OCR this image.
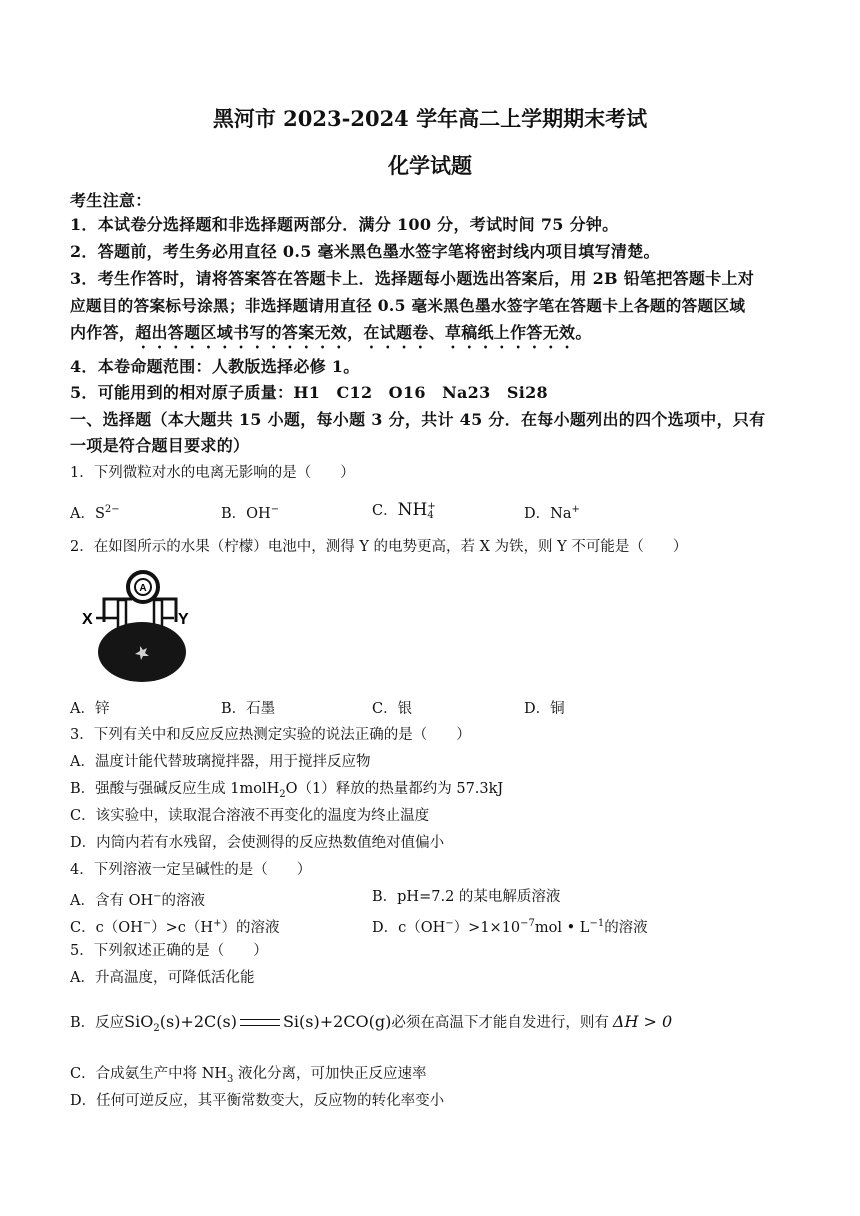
黑河市 2023-2024 学年高二上学期期末考试
化学试题
考生注意：
1．本试卷分选择题和非选择题两部分．满分 100 分，考试时间 75 分钟。
2．答题前，考生务必用直径 0.5 毫米黑色墨水签字笔将密封线内项目填写清楚。
3．考生作答时，请将答案答在答题卡上．选择题每小题选出答案后，用 2B 铅笔把答题卡上对
应题目的答案标号涂黑；非选择题请用直径 0.5 毫米黑色墨水签字笔在答题卡上各题的答题区域
内作答，超出答题区域书写的答案无效，在试题卷、草稿纸上作答无效。
4．本卷命题范围：人教版选择必修 1。
5．可能用到的相对原子质量：H1　C12　O16　Na23　Si28
一、选择题（本大题共 15 小题，每小题 3 分，共计 45 分．在每小题列出的四个选项中，只有
一项是符合题目要求的）
1．下列微粒对水的电离无影响的是（　　）
A．$S^{2-}$	B．OH−	C．NH +
4	D．Na+
2．在如图所示的水果（柠檬）电池中，测得 Y 的电势更高，若 X 为铁，则 Y 不可能是（　　）
A
X	Y
A．锌	B．石墨	C．银	D．铜
3．下列有关中和反应反应热测定实验的说法正确的是（　　）
A．温度计能代替玻璃搅拌器，用于搅拌反应物
B．强酸与强碱反应生成 1molH$_2$O（1）释放的热量都约为 57.3kJ
C．该实验中，读取混合溶液不再变化的温度为终止温度
D．内筒内若有水残留，会使测得的反应热数值绝对值偏小
4．下列溶液一定呈碱性的是（　　）
A．含有 OH−的溶液	B．pH=7.2 的某电解质溶液
C．c（OH−）>c（H+）的溶液	D．$c(OH^-)>1\times 10^{-7}mol$ • $L^{-1}$的溶液
5．下列叙述正确的是（　　）
A．升高温度，可降低活化能
B．反应SiO$_2$(s)+2C(s)	Si(s)+2CO(g)必须在高温下才能自发进行，则有 ΔH > 0
C．合成氨生产中将 $NH_3$ 液化分离，可加快正反应速率
D．任何可逆反应，其平衡常数变大，反应物的转化率变小
